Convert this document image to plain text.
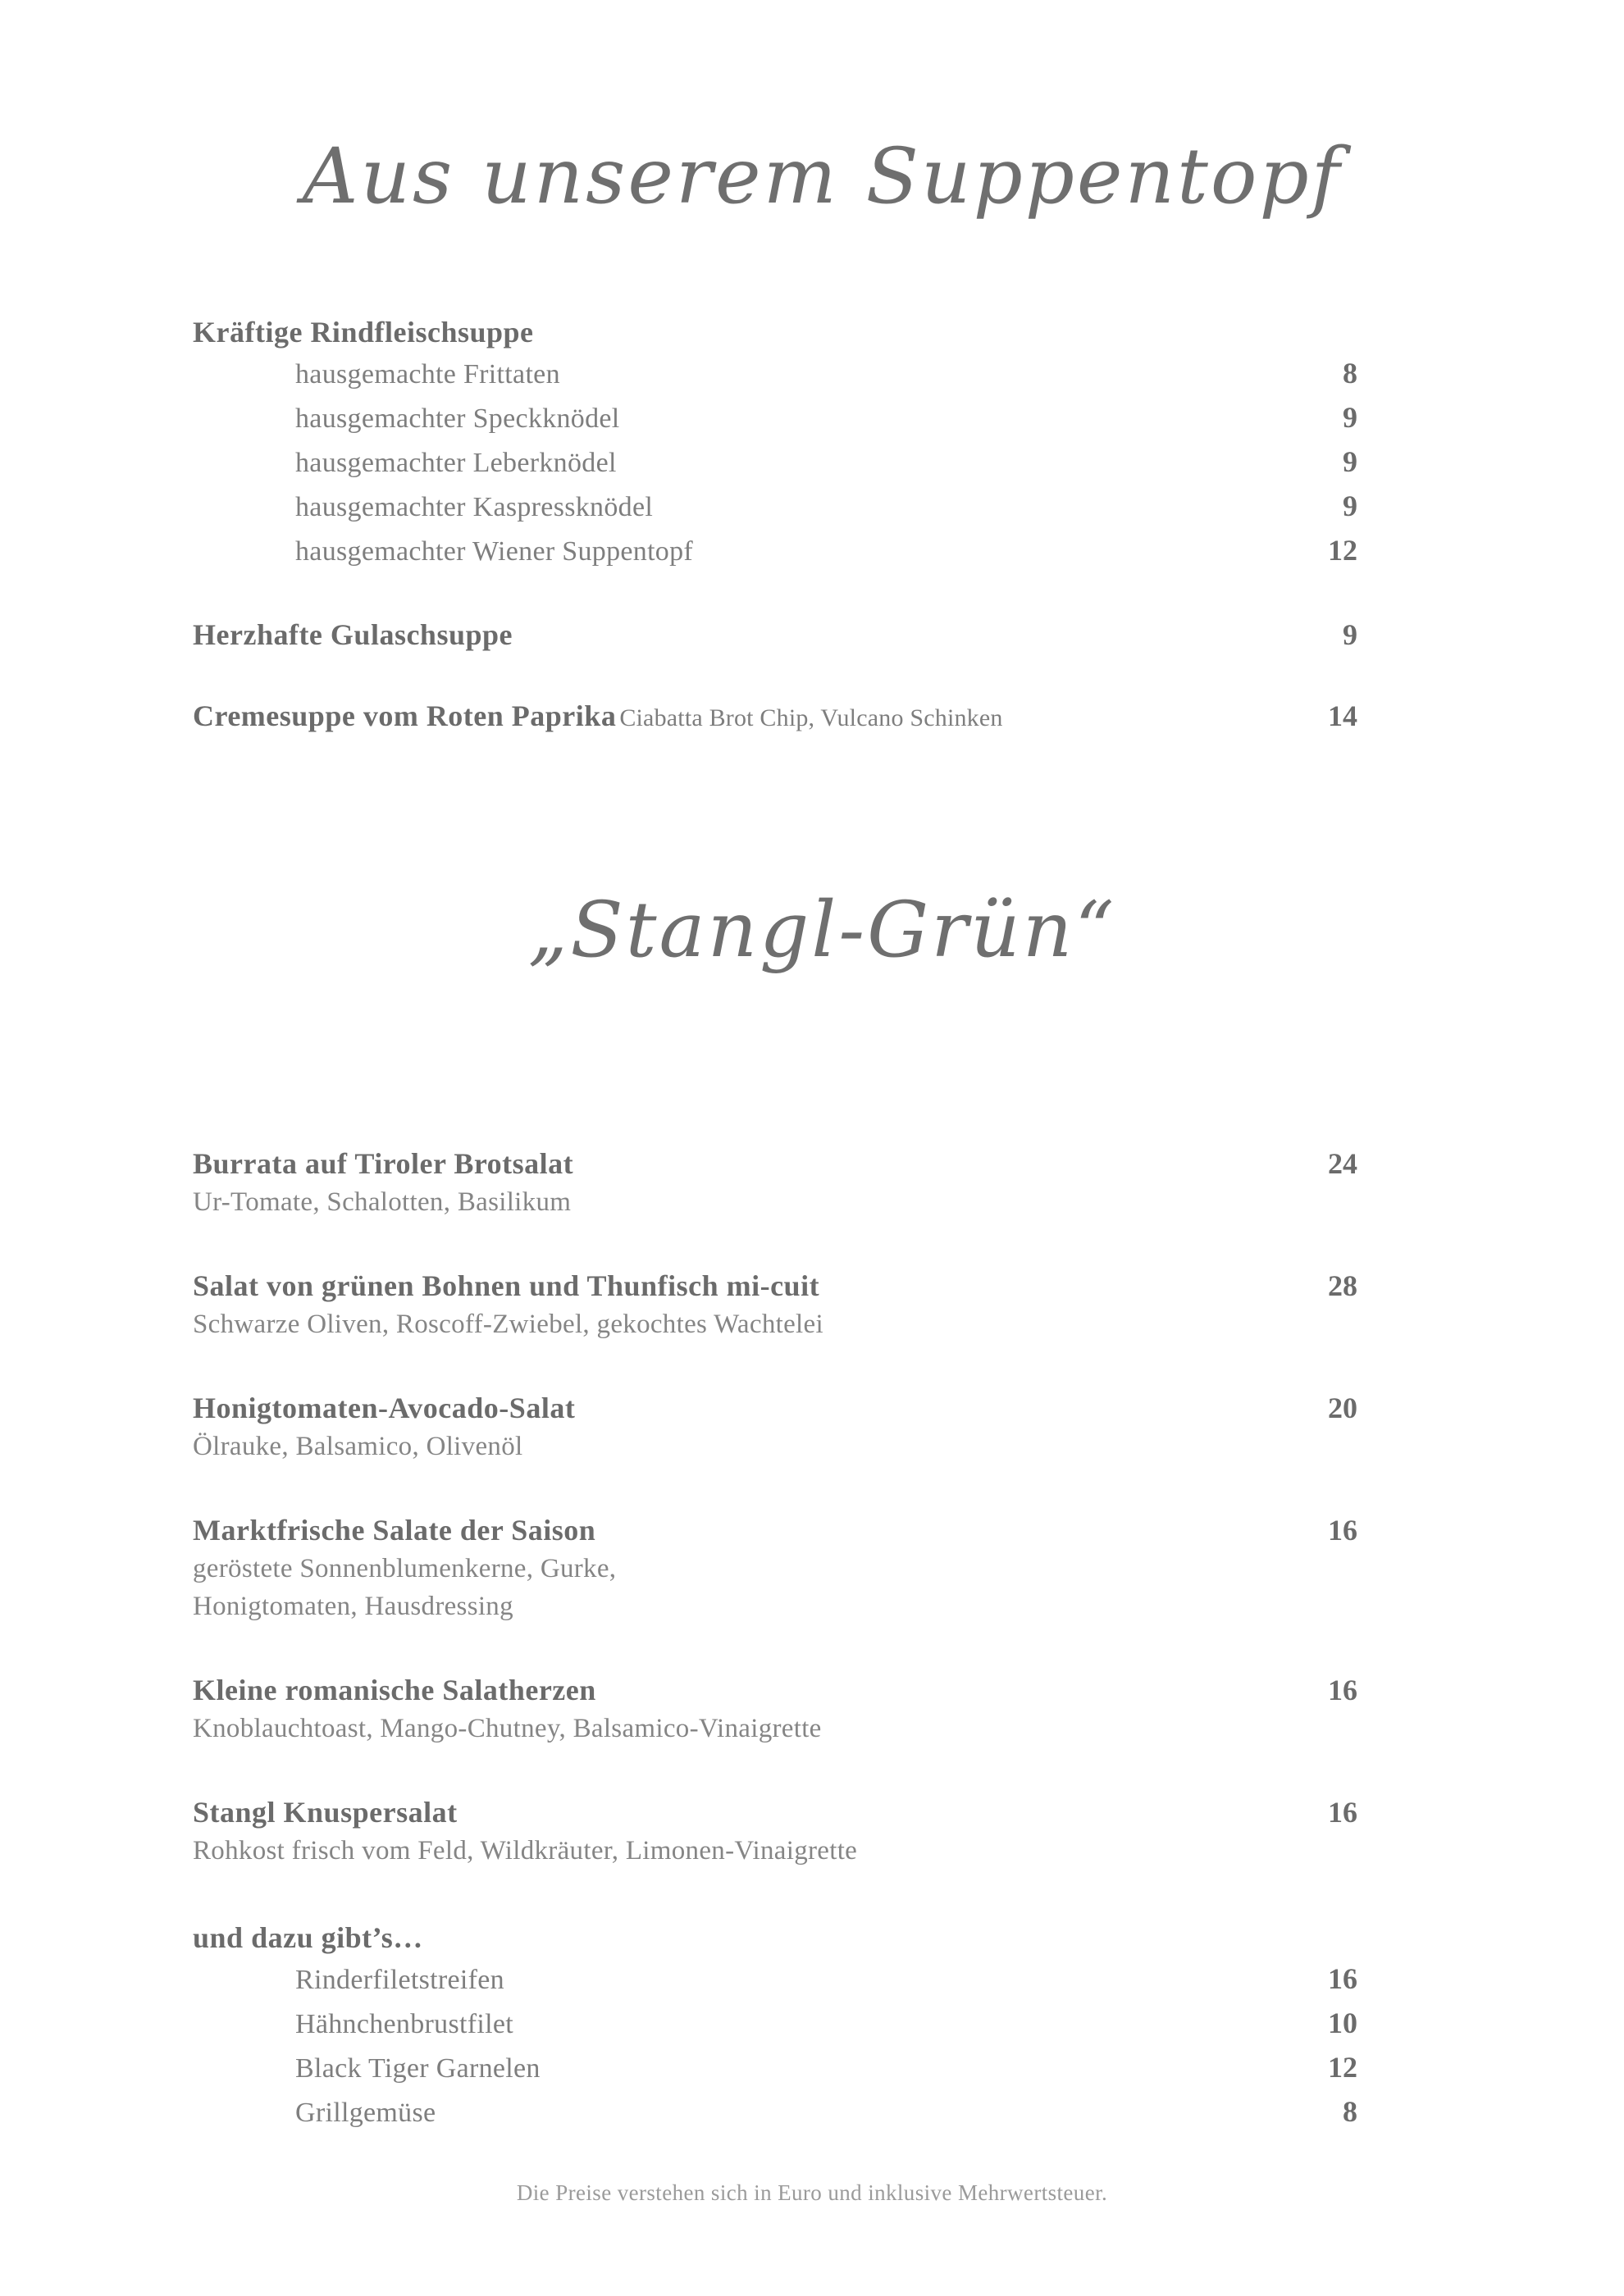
Aus unserem Suppentopf
Kräftige Rindfleischsuppe
hausgemachte Frittaten	8
hausgemachter Speckknödel	9
hausgemachter Leberknödel	9
hausgemachter Kaspressknödel	9
hausgemachter Wiener Suppentopf	12
Herzhafte Gulaschsuppe	9
Cremesuppe vom Roten Paprika Ciabatta Brot Chip, Vulcano Schinken	14
„Stangl-Grün“
Burrata auf Tiroler Brotsalat	24
Ur-Tomate, Schalotten, Basilikum
Salat von grünen Bohnen und Thunfisch mi-cuit	28
Schwarze Oliven, Roscoff-Zwiebel, gekochtes Wachtelei
Honigtomaten-Avocado-Salat	20
Ölrauke, Balsamico, Olivenöl
Marktfrische Salate der Saison	16
geröstete Sonnenblumenkerne, Gurke,
Honigtomaten, Hausdressing
Kleine romanische Salatherzen	16
Knoblauchtoast, Mango-Chutney, Balsamico-Vinaigrette
Stangl Knuspersalat	16
Rohkost frisch vom Feld, Wildkräuter, Limonen-Vinaigrette
und dazu gibt’s…
Rinderfiletstreifen	16
Hähnchenbrustfilet	10
Black Tiger Garnelen	12
Grillgemüse	8
Die Preise verstehen sich in Euro und inklusive Mehrwertsteuer.
